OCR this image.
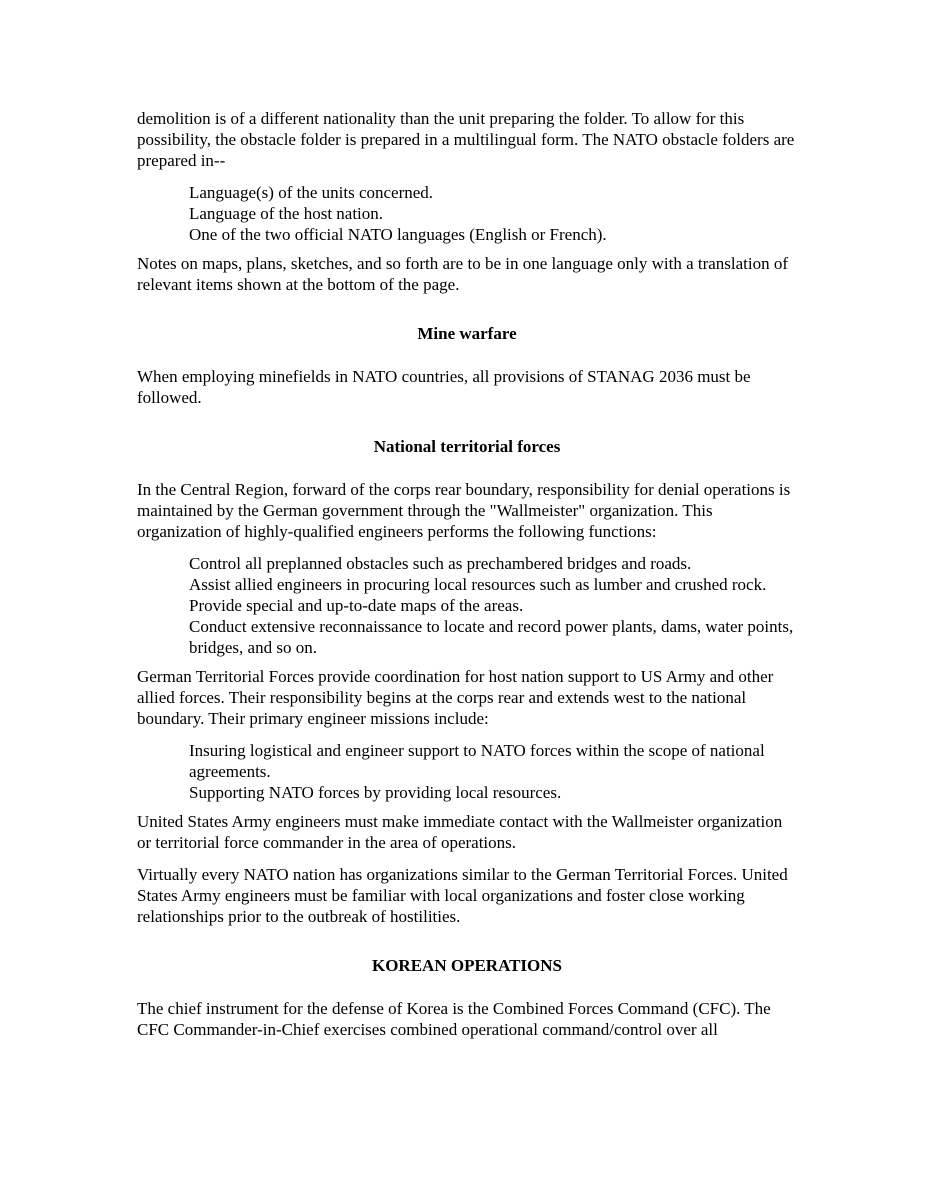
demolition is of a different nationality than the unit preparing the folder. To allow for this possibility, the obstacle folder is prepared in a multilingual form. The NATO obstacle folders are prepared in--

Language(s) of the units concerned.
Language of the host nation.
One of the two official NATO languages (English or French).

Notes on maps, plans, sketches, and so forth are to be in one language only with a translation of relevant items shown at the bottom of the page.

Mine warfare

When employing minefields in NATO countries, all provisions of STANAG 2036 must be followed.

National territorial forces

In the Central Region, forward of the corps rear boundary, responsibility for denial operations is maintained by the German government through the "Wallmeister" organization. This organization of highly-qualified engineers performs the following functions:

Control all preplanned obstacles such as prechambered bridges and roads.
Assist allied engineers in procuring local resources such as lumber and crushed rock.
Provide special and up-to-date maps of the areas.
Conduct extensive reconnaissance to locate and record power plants, dams, water points, bridges, and so on.

German Territorial Forces provide coordination for host nation support to US Army and other allied forces. Their responsibility begins at the corps rear and extends west to the national boundary. Their primary engineer missions include:

Insuring logistical and engineer support to NATO forces within the scope of national agreements.
Supporting NATO forces by providing local resources.

United States Army engineers must make immediate contact with the Wallmeister organization or territorial force commander in the area of operations.

Virtually every NATO nation has organizations similar to the German Territorial Forces. United States Army engineers must be familiar with local organizations and foster close working relationships prior to the outbreak of hostilities.

KOREAN OPERATIONS

The chief instrument for the defense of Korea is the Combined Forces Command (CFC). The CFC Commander-in-Chief exercises combined operational command/control over all
